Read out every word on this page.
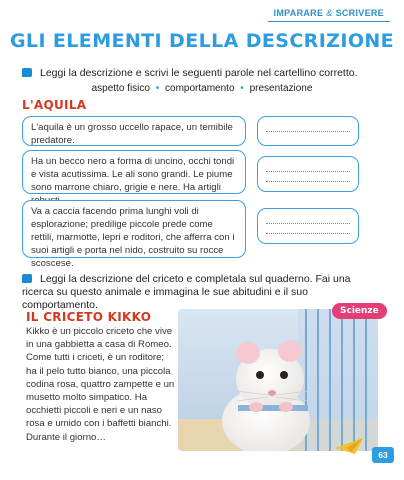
IMPARARE & SCRIVERE
GLI ELEMENTI DELLA DESCRIZIONE
Leggi la descrizione e scrivi le seguenti parole nel cartellino corretto.
aspetto fisico • comportamento • presentazione
L'AQUILA
L'aquila è un grosso uccello rapace, un temibile predatore.
Ha un becco nero a forma di uncino, occhi tondi e vista acutissima. Le ali sono grandi. Le piume sono marrone chiaro, grigie e nere. Ha artigli
Va a caccia facendo prima lunghi voli di esplorazione; predilige piccole prede come rettili, marmotte, lepri e roditori, che afferra con i suoi artigli e porta nel nido, costruito su rocce scoscese.
Leggi la descrizione del criceto e completala sul quaderno. Fai una ricerca su questo animale e immagina le sue abitudini e il suo comportamento.
IL CRICETO KIKKO
Kikko è un piccolo criceto che vive in una gabbietta a casa di Romeo. Come tutti i criceti, è un roditore; ha il pelo tutto bianco, una piccola codina rosa, quattro zampette e un musetto molto simpatico. Ha occhietti piccoli e neri e un naso rosa e umido con i baffetti bianchi. Durante il giorno…
Scienze
63
